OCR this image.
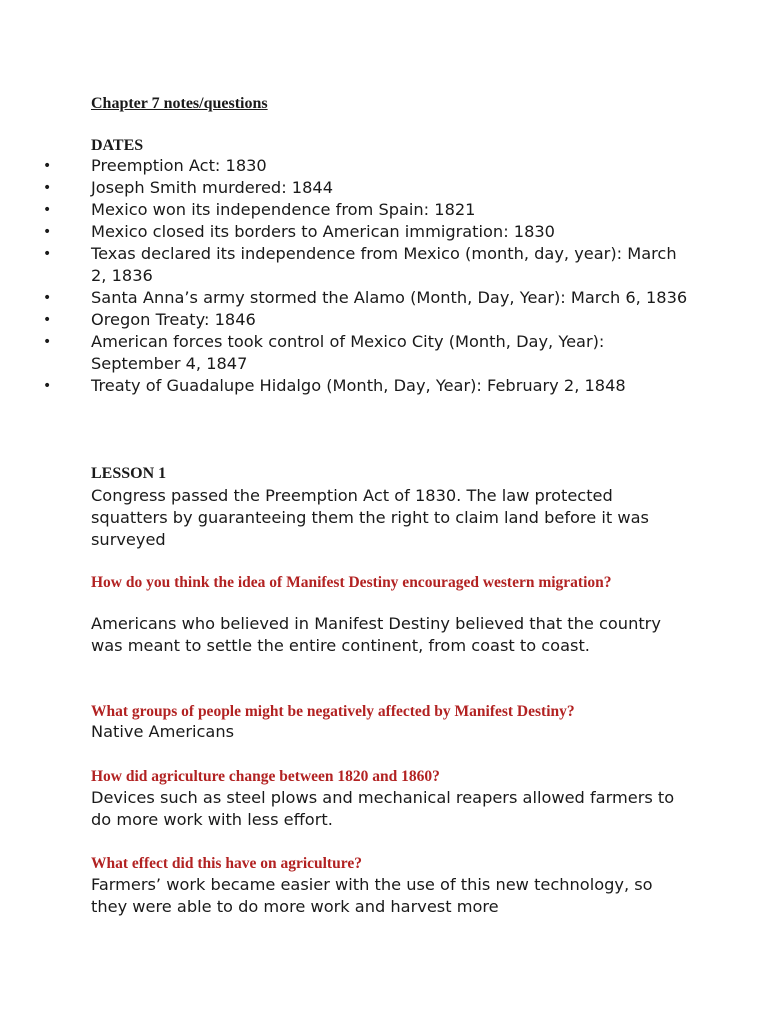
Chapter 7 notes/questions
DATES
• Preemption Act: 1830
• Joseph Smith murdered: 1844
• Mexico won its independence from Spain: 1821
• Mexico closed its borders to American immigration: 1830
• Texas declared its independence from Mexico (month, day, year): March 2, 1836
• Santa Anna’s army stormed the Alamo (Month, Day, Year): March 6, 1836
• Oregon Treaty: 1846
• American forces took control of Mexico City (Month, Day, Year): September 4, 1847
• Treaty of Guadalupe Hidalgo (Month, Day, Year): February 2, 1848
LESSON 1
Congress passed the Preemption Act of 1830. The law protected squatters by guaranteeing them the right to claim land before it was surveyed
How do you think the idea of Manifest Destiny encouraged western migration?
Americans who believed in Manifest Destiny believed that the country was meant to settle the entire continent, from coast to coast.
What groups of people might be negatively affected by Manifest Destiny?
Native Americans
How did agriculture change between 1820 and 1860?
Devices such as steel plows and mechanical reapers allowed farmers to do more work with less effort.
What effect did this have on agriculture?
Farmers’ work became easier with the use of this new technology, so they were able to do more work and harvest more
